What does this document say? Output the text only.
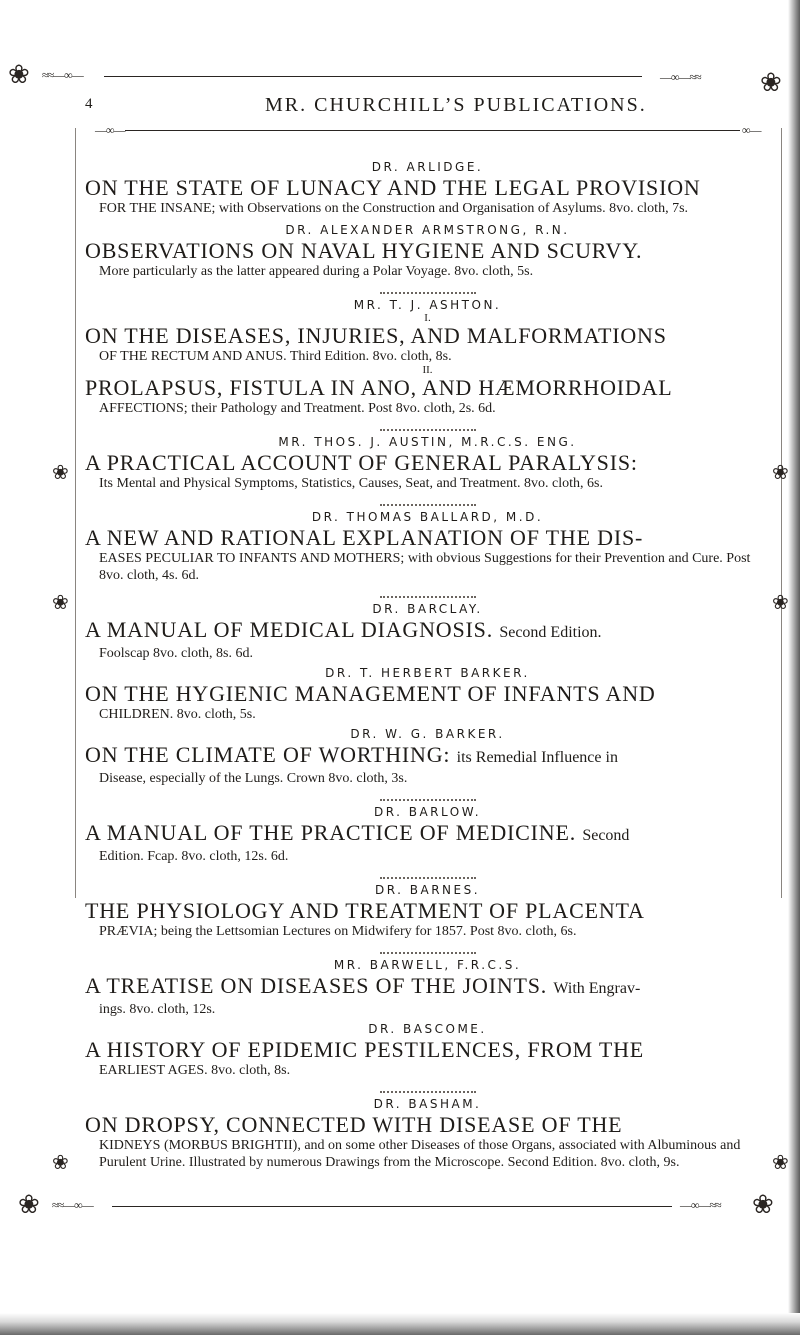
❀ ≈≈—∞—	—∞—≈≈ ❀
4	MR. CHURCHILL’S PUBLICATIONS.
—∞—	∞—
❀
❀
❀
❀
❀	❀

DR. ARLIDGE.

ON THE STATE OF LUNACY AND THE LEGAL PROVISION

FOR THE INSANE; with Observations on the Construction and Organisation of Asylums. 8vo. cloth, 7s.

DR. ALEXANDER ARMSTRONG, R.N.

OBSERVATIONS ON NAVAL HYGIENE AND SCURVY.

More particularly as the latter appeared during a Polar Voyage. 8vo. cloth, 5s.

MR. T. J. ASHTON.

I.

ON THE DISEASES, INJURIES, AND MALFORMATIONS

OF THE RECTUM AND ANUS. Third Edition. 8vo. cloth, 8s.

II.

PROLAPSUS, FISTULA IN ANO, AND HÆMORRHOIDAL

AFFECTIONS; their Pathology and Treatment. Post 8vo. cloth, 2s. 6d.

MR. THOS. J. AUSTIN, M.R.C.S. ENG.

A PRACTICAL ACCOUNT OF GENERAL PARALYSIS:

Its Mental and Physical Symptoms, Statistics, Causes, Seat, and Treatment. 8vo. cloth, 6s.

DR. THOMAS BALLARD, M.D.

A NEW AND RATIONAL EXPLANATION OF THE DIS-

EASES PECULIAR TO INFANTS AND MOTHERS; with obvious Suggestions for their Prevention and Cure. Post 8vo. cloth, 4s. 6d.

DR. BARCLAY.

A MANUAL OF MEDICAL DIAGNOSIS. Second Edition.

Foolscap 8vo. cloth, 8s. 6d.

DR. T. HERBERT BARKER.

ON THE HYGIENIC MANAGEMENT OF INFANTS AND

CHILDREN. 8vo. cloth, 5s.

DR. W. G. BARKER.

ON THE CLIMATE OF WORTHING: its Remedial Influence in

Disease, especially of the Lungs. Crown 8vo. cloth, 3s.

DR. BARLOW.

A MANUAL OF THE PRACTICE OF MEDICINE. Second

Edition. Fcap. 8vo. cloth, 12s. 6d.

DR. BARNES.

THE PHYSIOLOGY AND TREATMENT OF PLACENTA

PRÆVIA; being the Lettsomian Lectures on Midwifery for 1857. Post 8vo. cloth, 6s.

MR. BARWELL, F.R.C.S.

A TREATISE ON DISEASES OF THE JOINTS. With Engrav-

ings. 8vo. cloth, 12s.

DR. BASCOME.

A HISTORY OF EPIDEMIC PESTILENCES, FROM THE

EARLIEST AGES. 8vo. cloth, 8s.

DR. BASHAM.

ON DROPSY, CONNECTED WITH DISEASE OF THE

KIDNEYS (MORBUS BRIGHTII), and on some other Diseases of those Organs, associated with Albuminous and Purulent Urine. Illustrated by numerous Drawings from the Microscope. Second Edition. 8vo. cloth, 9s.

❀ ≈≈—∞—	—∞—≈≈ ❀
